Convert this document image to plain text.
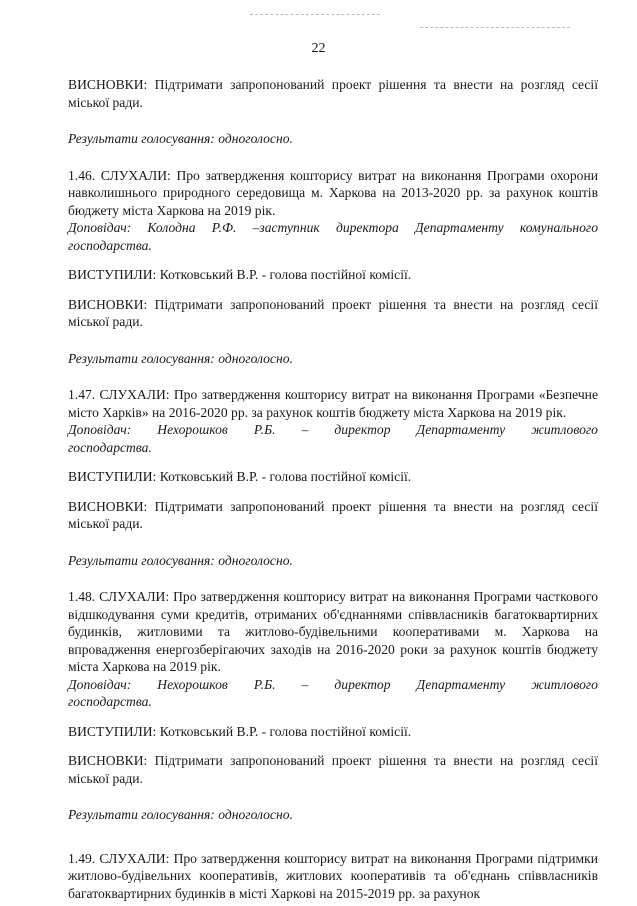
22

ВИСНОВКИ: Підтримати запропонований проект рішення та внести на розгляд сесії міської ради.

Результати голосування: одноголосно.

1.46. СЛУХАЛИ: Про затвердження кошторису витрат на виконання Програми охорони навколишнього природного середовища м. Харкова на 2013-2020 рр. за рахунок коштів бюджету міста Харкова на 2019 рік.

Доповідач: Колодна Р.Ф. –заступник директора Департаменту комунального господарства.

ВИСТУПИЛИ: Котковський В.Р. - голова постійної комісії.

ВИСНОВКИ: Підтримати запропонований проект рішення та внести на розгляд сесії міської ради.

Результати голосування: одноголосно.

1.47. СЛУХАЛИ: Про затвердження кошторису витрат на виконання Програми «Безпечне місто Харків» на 2016-2020 рр. за рахунок коштів бюджету міста Харкова на 2019 рік.

Доповідач: Нехорошков Р.Б. – директор Департаменту житлового

господарства.

ВИСТУПИЛИ: Котковський В.Р. - голова постійної комісії.

ВИСНОВКИ: Підтримати запропонований проект рішення та внести на розгляд сесії міської ради.

Результати голосування: одноголосно.

1.48. СЛУХАЛИ: Про затвердження кошторису витрат на виконання Програми часткового відшкодування суми кредитів, отриманих об'єднаннями співвласників багатоквартирних будинків, житловими та житлово-будівельними кооперативами м. Харкова на впровадження енергозберігаючих заходів на 2016-2020 роки за рахунок коштів бюджету міста Харкова на 2019 рік.

Доповідач: Нехорошков Р.Б. – директор Департаменту житлового

господарства.

ВИСТУПИЛИ: Котковський В.Р. - голова постійної комісії.

ВИСНОВКИ: Підтримати запропонований проект рішення та внести на розгляд сесії міської ради.

Результати голосування: одноголосно.

1.49. СЛУХАЛИ: Про затвердження кошторису витрат на виконання Програми підтримки житлово-будівельних кооперативів, житлових кооперативів та об'єднань співвласників багатоквартирних будинків в місті Харкові на 2015-2019 рр. за рахунок
